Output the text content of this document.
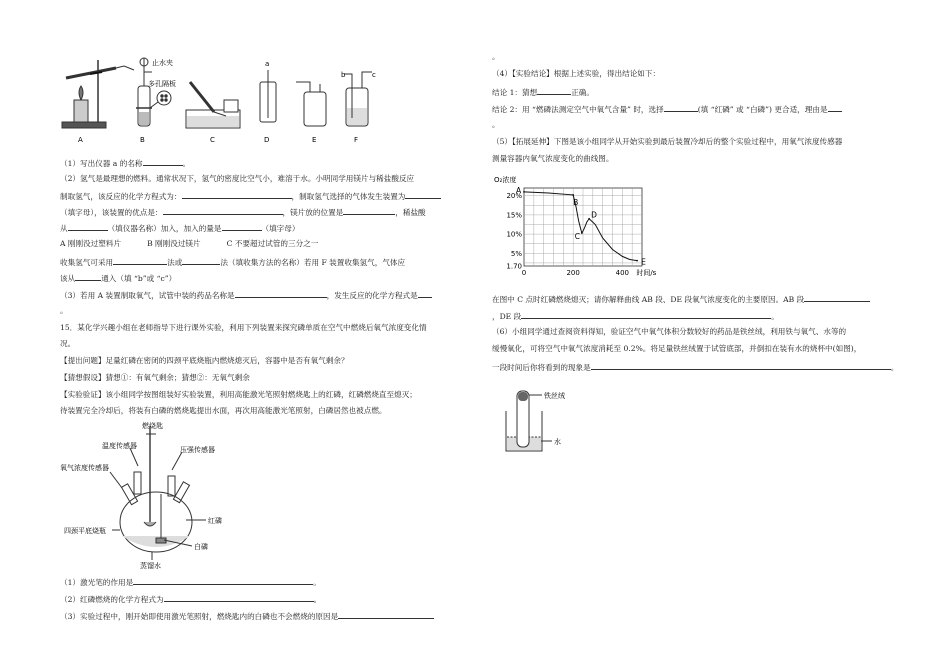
A
止水夹
多孔隔板
B	C
a
D	E
b	c
F
（1）写出仪器 a 的名称	。
（2）氢气是最理想的燃料。通常状况下，氢气的密度比空气小，难溶于水。小明同学用镁片与稀盐酸反应
制取氢气，该反应的化学方程式为：	，制取氢气选择的气体发生装置为
（填字母），该装置的优点是：	，镁片放的位置是	，稀盐酸
从	（填仪器名称）加入，加入的量是	（填字母）
A 刚刚没过塑料片	B 刚刚没过镁片	C 不要超过试管的三分之一
收集氢气可采用	法或	法（填收集方法的名称）若用 F 装置收集氢气，气体应
该从	通入（填 “b”或 “c”）
（3）若用 A 装置制取氧气，试管中装的药品名称是	，发生反应的化学方程式是
。
15．某化学兴趣小组在老师指导下进行课外实验，利用下列装置来探究磷单质在空气中燃烧后氧气浓度变化情
况。
【提出问题】足量红磷在密闭的四颈平底烧瓶内燃烧熄灭后，容器中是否有氧气剩余？
【猜想假设】猜想①：有氧气剩余；猜想②：无氧气剩余
【实验验证】该小组同学按图组装好实验装置，利用高能激光笔照射燃烧匙上的红磷，红磷燃烧直至熄灭；
待装置完全冷却后，将装有白磷的燃烧匙提出水面，再次用高能激光笔照射，白磷居然也被点燃。
燃烧匙
温度传感器	压强传感器
氧气浓度传感器
红磷
四颈平底烧瓶
白磷
蒸馏水
（1）激光笔的作用是	。
（2）红磷燃烧的化学方程式为	。
（3）实验过程中，刚开始即使用激光笔照射，燃烧匙内的白磷也不会燃烧的原因是
。
（4）【实验结论】根据上述实验，得出结论如下：
结论 1：猜想	正确。
结论 2：用 “燃磷法测定空气中氧气含量” 时，选择	(填 “红磷” 或 “白磷”) 更合适，理由是
。
（5）【拓展延伸】下图是该小组同学从开始实验到最后装置冷却后的整个实验过程中，用氧气浓度传感器
测量容器内氧气浓度变化的曲线图。
O₂浓度
20%
15%
10%
5%
1.70
0	200	400 时间/s
A
B
C
D
E
在图中 C 点时红磷燃烧熄灭；请你解释曲线 AB 段、DE 段氧气浓度变化的主要原因。AB 段
，DE 段	。
（6）小组同学通过查阅资料得知，验证空气中氧气体积分数较好的药品是铁丝绒，利用铁与氧气、水等的
缓慢氧化，可将空气中氧气浓度消耗至 0.2%。将足量铁丝绒置于试管底部，并倒扣在装有水的烧杯中(如图)，
一段时间后你将看到的现象是	。
铁丝绒
水
